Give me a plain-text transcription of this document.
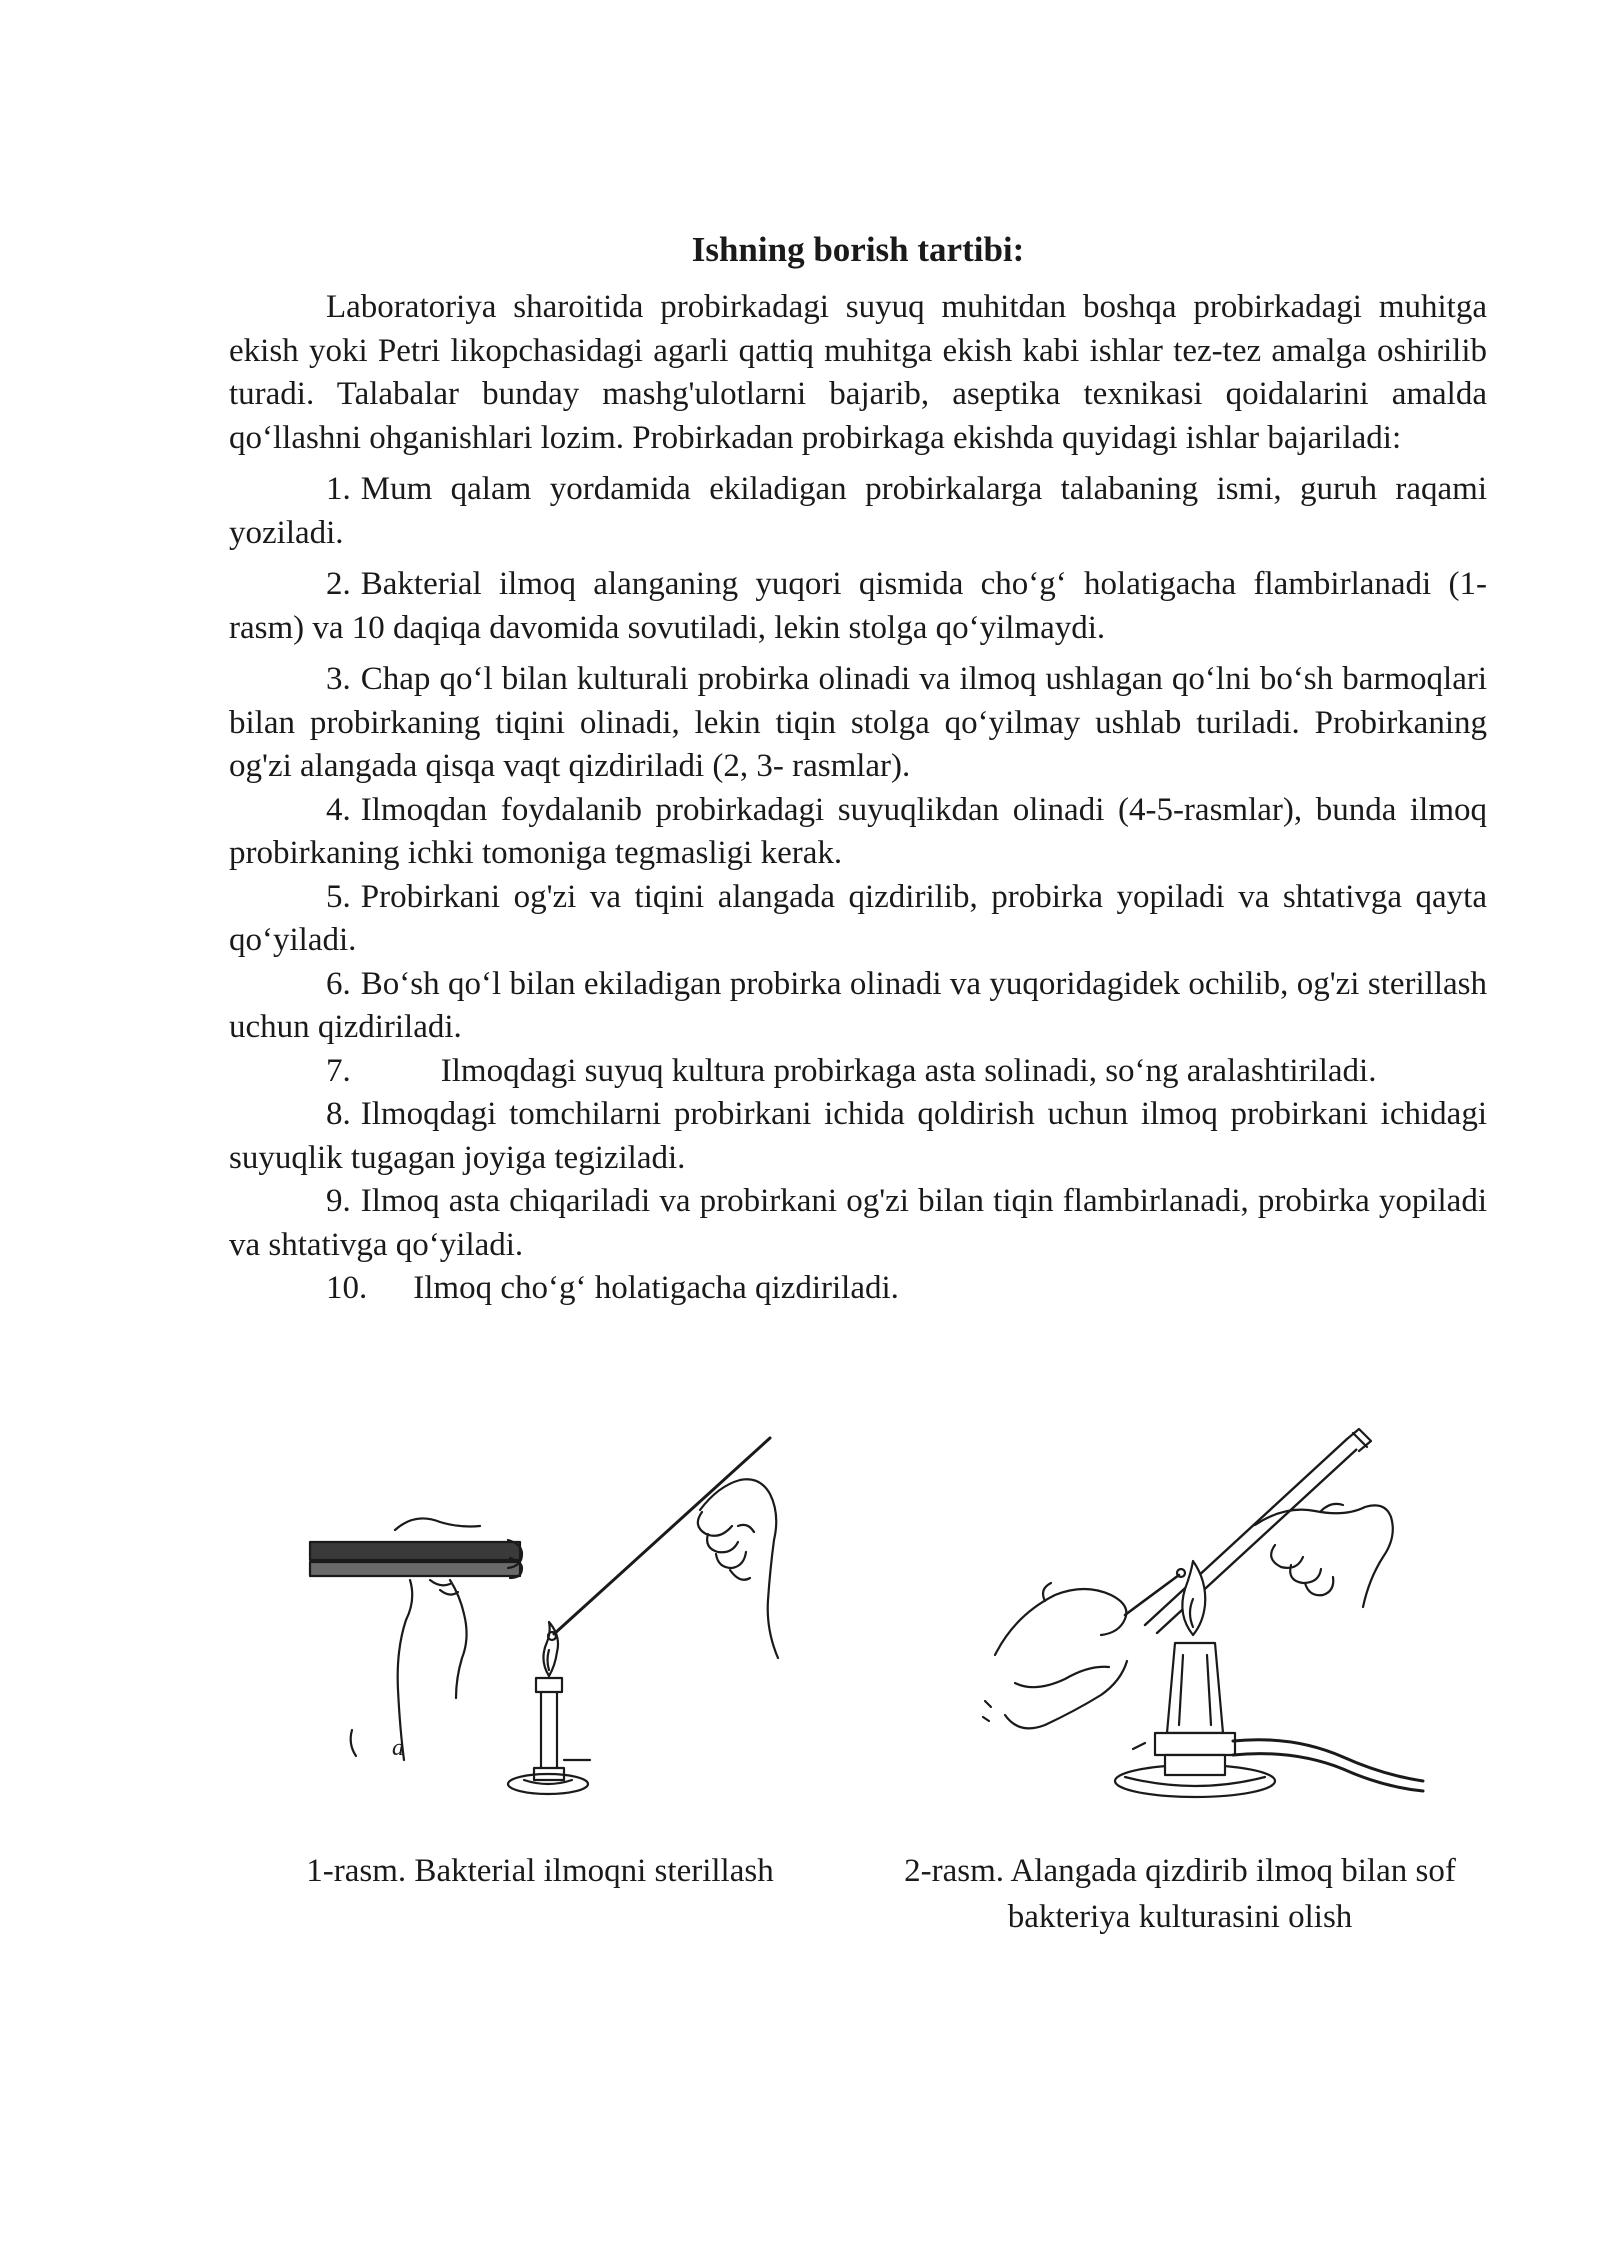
Ishning borish tartibi:

Laboratoriya sharoitida probirkadagi suyuq muhitdan boshqa probirkadagi muhitga ekish yoki Petri likopchasidagi agarli qattiq muhitga ekish kabi ishlar tez-tez amalga oshirilib turadi. Talabalar bunday mashg'ulotlarni bajarib, aseptika texnikasi qoidalarini amalda qo‘llashni ohganishlari lozim. Probirkadan probirkaga ekishda quyidagi ishlar bajariladi:

1. Mum qalam yordamida ekiladigan probirkalarga talabaning ismi, guruh raqami yoziladi.

2. Bakterial ilmoq alanganing yuqori qismida cho‘g‘ holatigacha flambirlanadi (1-rasm) va 10 daqiqa davomida sovutiladi, lekin stolga qo‘yilmaydi.

3. Chap qo‘l bilan kulturali probirka olinadi va ilmoq ushlagan qo‘lni bo‘sh barmoqlari bilan probirkaning tiqini olinadi, lekin tiqin stolga qo‘yilmay ushlab turiladi. Probirkaning og'zi alangada qisqa vaqt qizdiriladi (2, 3- rasmlar).

4. Ilmoqdan foydalanib probirkadagi suyuqlikdan olinadi (4-5-rasmlar), bunda ilmoq probirkaning ichki tomoniga tegmasligi kerak.

5. Probirkani og'zi va tiqini alangada qizdirilib, probirka yopiladi va shtativga qayta qo‘yiladi.

6. Bo‘sh qo‘l bilan ekiladigan probirka olinadi va yuqoridagidek ochilib, og'zi sterillash uchun qizdiriladi.

7.	Ilmoqdagi suyuq kultura probirkaga asta solinadi, so‘ng aralashtiriladi.

8. Ilmoqdagi tomchilarni probirkani ichida qoldirish uchun ilmoq probirkani ichidagi suyuqlik tugagan joyiga tegiziladi.

9. Ilmoq asta chiqariladi va probirkani og'zi bilan tiqin flambirlanadi, probirka yopiladi va shtativga qo‘yiladi.

10. Ilmoq cho‘g‘ holatigacha qizdiriladi.

a
1-rasm. Bakterial ilmoqni sterillash	2-rasm. Alangada qizdirib ilmoq bilan sof bakteriya kulturasini olish
